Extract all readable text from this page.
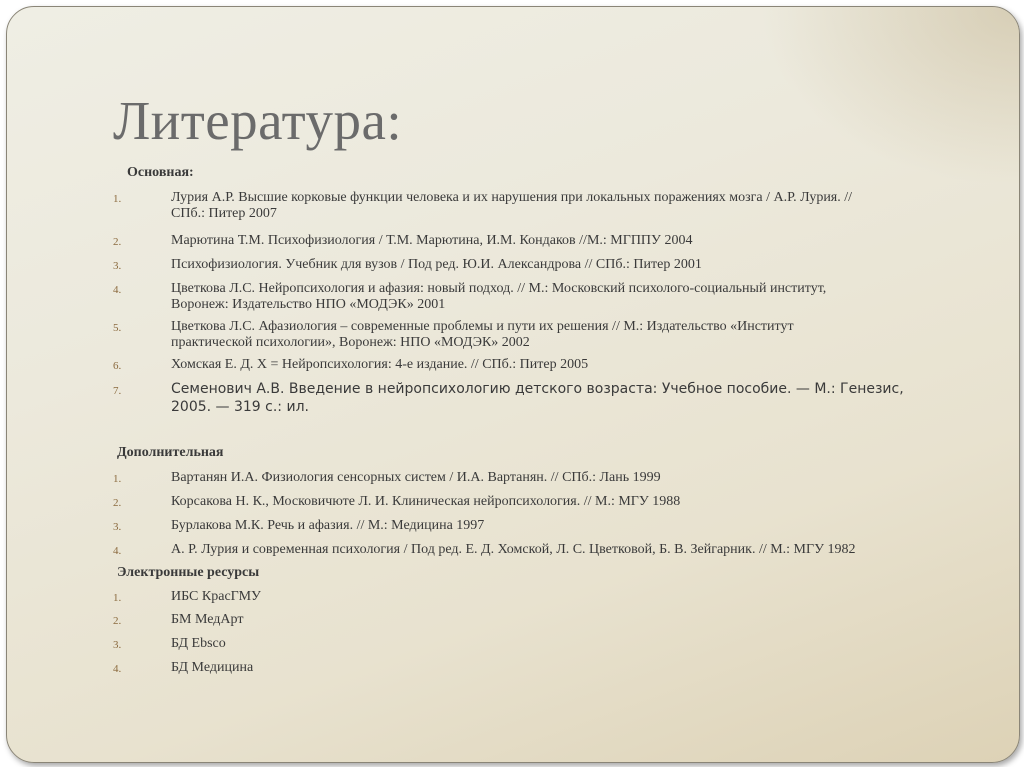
Литература:
Основная:
1.	Лурия А.Р. Высшие корковые функции человека и их нарушения при локальных поражениях мозга / А.Р. Лурия. //
СПб.: Питер 2007
2.	Марютина Т.М. Психофизиология / Т.М. Марютина, И.М. Кондаков //М.: МГППУ 2004
3.	Психофизиология. Учебник для вузов / Под ред. Ю.И. Александрова // СПб.: Питер 2001
4.	Цветкова Л.С. Нейропсихология и афазия: новый подход. // М.: Московский психолого-социальный институт,
Воронеж: Издательство НПО «МОДЭК» 2001
5.	Цветкова Л.С. Афазиология – современные проблемы и пути их решения // М.: Издательство «Институт
практической психологии», Воронеж: НПО «МОДЭК» 2002
6.	Хомская Е. Д. Х = Нейропсихология: 4-е издание. // СПб.: Питер 2005
7.	Семенович А.В. Введение в нейропсихологию детского возраста: Учебное пособие. — М.: Генезис,
2005. — 319 с.: ил.
Дополнительная
1.	Вартанян И.А. Физиология сенсорных систем / И.А. Вартанян. // СПб.: Лань 1999
2.	Корсакова Н. К., Московичюте Л. И. Клиническая нейропсихология. // М.: МГУ 1988
3.	Бурлакова М.К. Речь и афазия. // М.: Медицина 1997
4.	А. Р. Лурия и современная психология / Под ред. Е. Д. Хомской, Л. С. Цветковой, Б. В. Зейгарник. // М.: МГУ 1982
Электронные ресурсы
1.	ИБС КрасГМУ
2.	БМ МедАрт
3.	БД Ebsco
4.	БД Медицина
